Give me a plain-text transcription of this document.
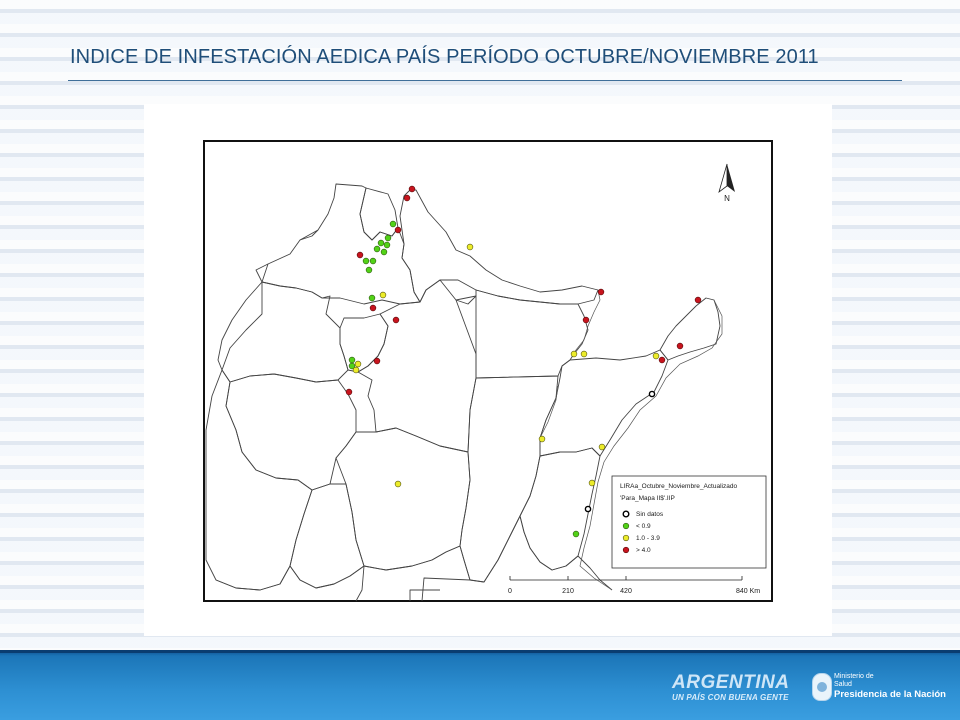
INDICE DE INFESTACIÓN AEDICA PAÍS PERÍODO OCTUBRE/NOVIEMBRE 2011
N
LIRAa_Octubre_Noviembre_Actualizado
'Para_Mapa II$'.IIP
Sin datos
< 0.9
1.0 - 3.9
> 4.0
0	210	420	840 Km
ARGENTINA
UN PAÍS CON BUENA GENTE
Ministerio de
Salud
Presidencia de la Nación
